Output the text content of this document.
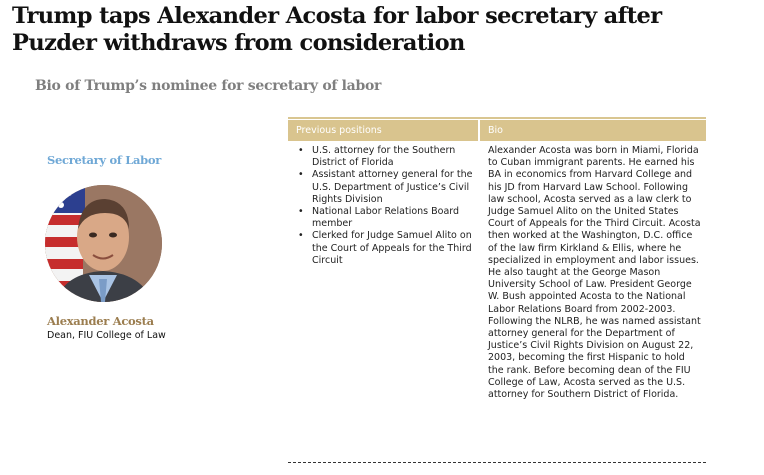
Trump taps Alexander Acosta for labor secretary after Puzder withdraws from consideration
Bio of Trump’s nominee for secretary of labor
Secretary of Labor
Alexander Acosta
Dean, FIU College of Law
Previous positions	Bio
• U.S. attorney for the Southern District of Florida
• Assistant attorney general for the U.S. Department of Justice’s Civil Rights Division
• National Labor Relations Board member
• Clerked for Judge Samuel Alito on the Court of Appeals for the Third Circuit
Alexander Acosta was born in Miami, Florida to Cuban immigrant parents. He earned his BA in economics from Harvard College and his JD from Harvard Law School. Following law school, Acosta served as a law clerk to Judge Samuel Alito on the United States Court of Appeals for the Third Circuit. Acosta then worked at the Washington, D.C. office of the law firm Kirkland & Ellis, where he specialized in employment and labor issues. He also taught at the George Mason University School of Law. President George W. Bush appointed Acosta to the National Labor Relations Board from 2002-2003. Following the NLRB, he was named assistant attorney general for the Department of Justice’s Civil Rights Division on August 22, 2003, becoming the first Hispanic to hold the rank. Before becoming dean of the FIU College of Law, Acosta served as the U.S. attorney for Southern District of Florida.
